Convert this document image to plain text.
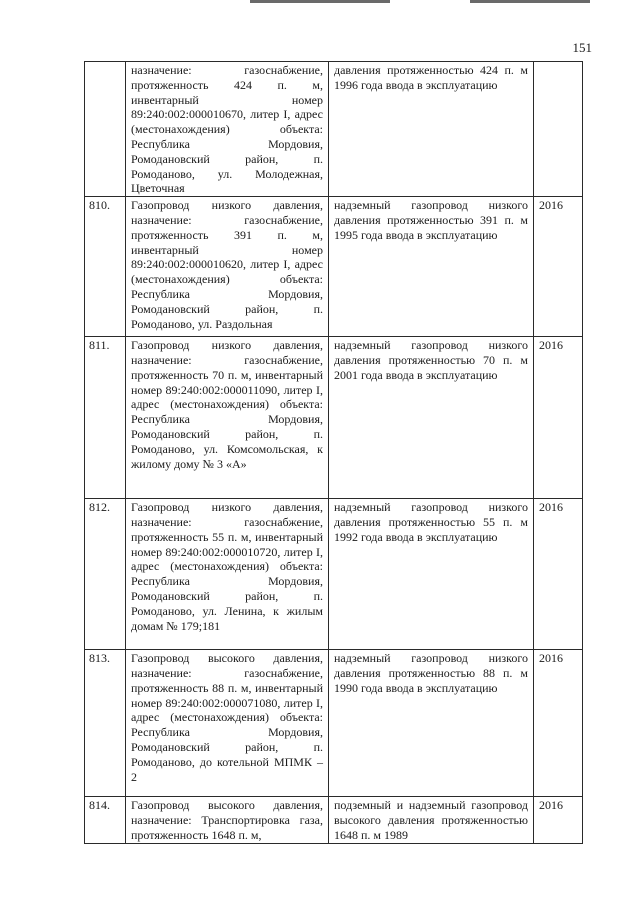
151

	назначение: газоснабжение, протяженность 424 п. м, инвентарный номер 89:240:002:000010670, литер I, адрес (местонахождения) объекта: Республика Мордовия, Ромодановский район, п. Ромоданово, ул. Молодежная, Цветочная	давления протяженностью 424 п. м 1996 года ввода в эксплуатацию	

810.	Газопровод низкого давления, назначение: газоснабжение, протяженность 391 п. м, инвентарный номер 89:240:002:000010620, литер I, адрес (местонахождения) объекта: Республика Мордовия, Ромодановский район, п. Ромоданово, ул. Раздольная	надземный газопровод низкого давления протяженностью 391 п. м 1995 года ввода в эксплуатацию	2016
811.	Газопровод низкого давления, назначение: газоснабжение, протяженность 70 п. м, инвентарный номер 89:240:002:000011090, литер I, адрес (местонахождения) объекта: Республика Мордовия, Ромодановский район, п. Ромоданово, ул. Комсомольская, к жилому дому № 3 «А»	надземный газопровод низкого давления протяженностью 70 п. м 2001 года ввода в эксплуатацию	2016
812.	Газопровод низкого давления, назначение: газоснабжение, протяженность 55 п. м, инвентарный номер 89:240:002:000010720, литер I, адрес (местонахождения) объекта: Республика Мордовия, Ромодановский район, п. Ромоданово, ул. Ленина, к жилым домам № 179;181	надземный газопровод низкого давления протяженностью 55 п. м 1992 года ввода в эксплуатацию	2016
813.	Газопровод высокого давления, назначение: газоснабжение, протяженность 88 п. м, инвентарный номер 89:240:002:000071080, литер I, адрес (местонахождения) объекта: Республика Мордовия, Ромодановский район, п. Ромоданово, до котельной МПМК – 2	надземный газопровод низкого давления протяженностью 88 п. м 1990 года ввода в эксплуатацию	2016
814.	Газопровод высокого давления, назначение: Транспортировка газа, протяженность 1648 п. м,	подземный и надземный газопровод высокого давления протяженностью 1648 п. м 1989	2016
